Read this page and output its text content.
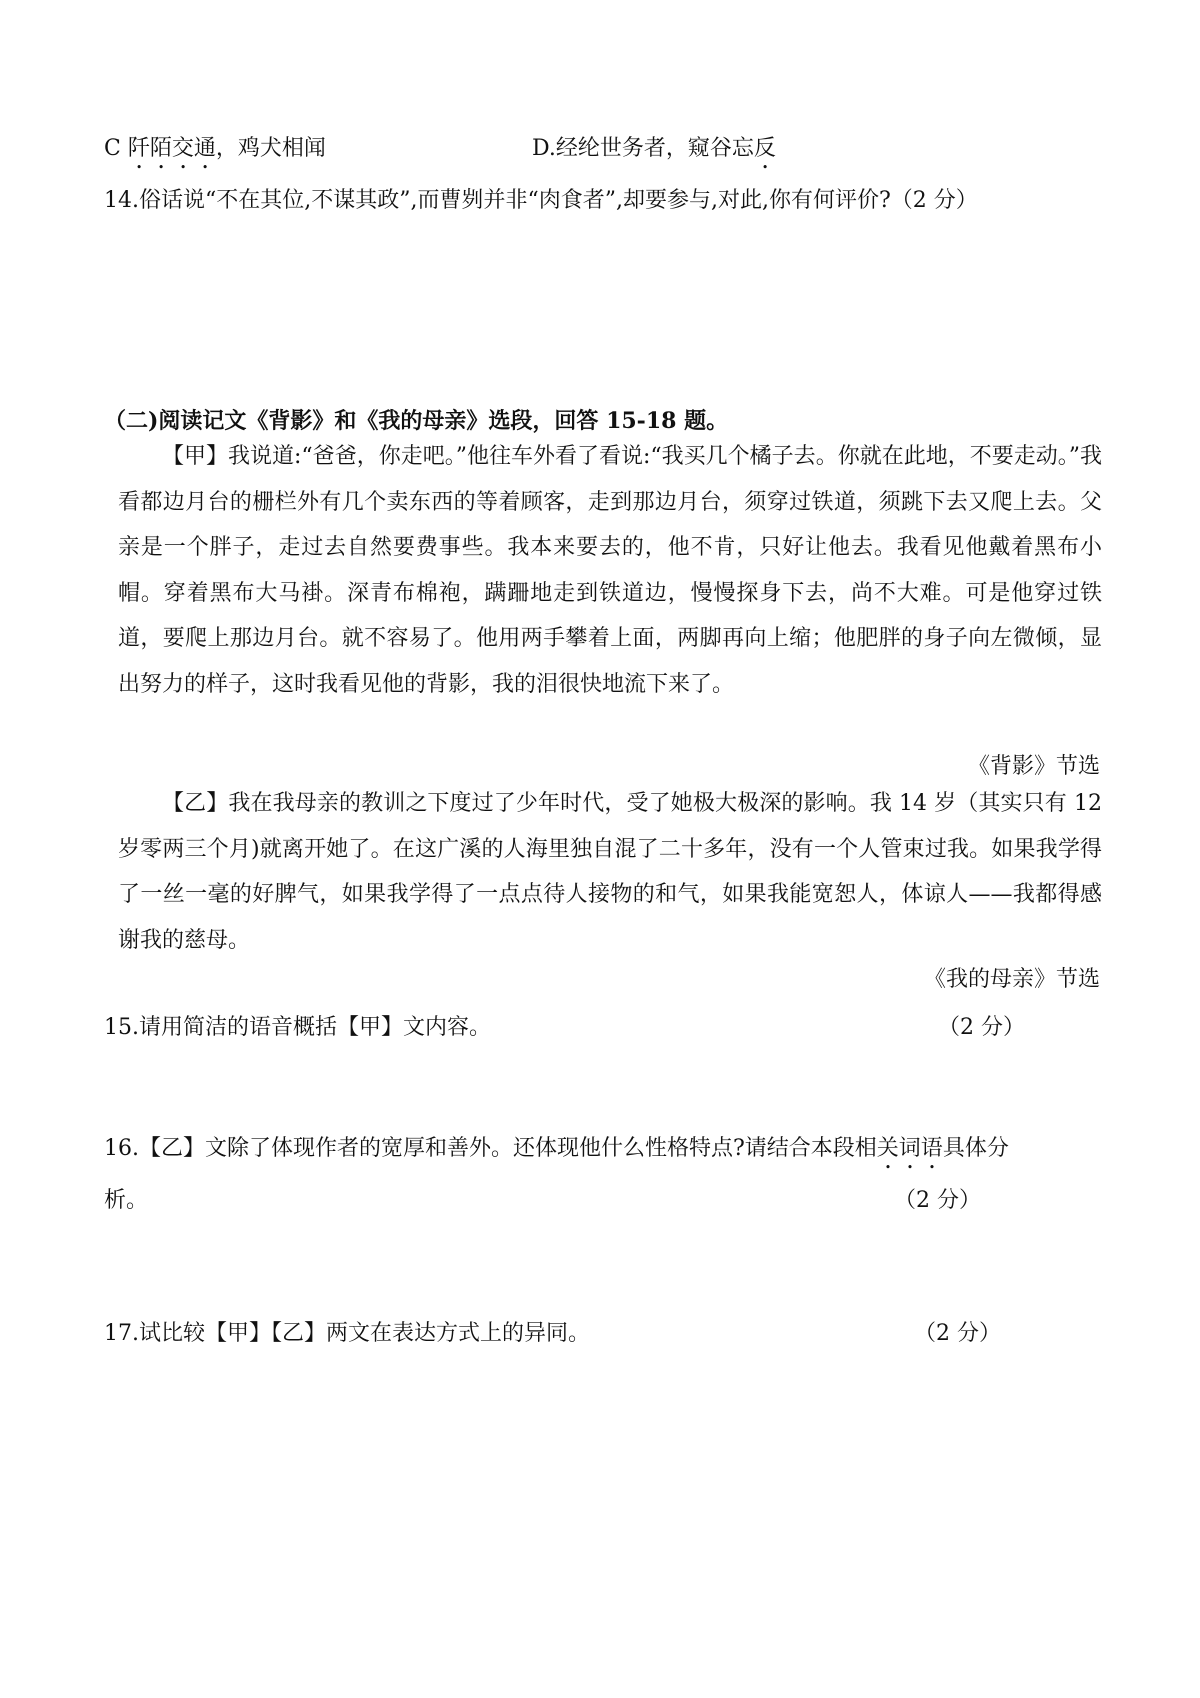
C 阡陌交通，鸡犬相闻	D.经纶世务者，窥谷忘反
14.俗话说“不在其位,不谋其政”,而曹刿并非“肉食者”,却要参与,对此,你有何评价?（2 分）
（二)阅读记文《背影》和《我的母亲》选段，回答 15-18 题。
【甲】我说道:“爸爸，你走吧。”他往车外看了看说:“我买几个橘子去。你就在此地，不要走动。”我看都边月台的栅栏外有几个卖东西的等着顾客，走到那边月台，须穿过铁道，须跳下去又爬上去。父亲是一个胖子，走过去自然要费事些。我本来要去的，他不肯，只好让他去。我看见他戴着黑布小帽。穿着黑布大马褂。深青布棉袍，蹒跚地走到铁道边，慢慢探身下去，尚不大难。可是他穿过铁道，要爬上那边月台。就不容易了。他用两手攀着上面，两脚再向上缩；他肥胖的身子向左微倾，显出努力的样子，这时我看见他的背影，我的泪很快地流下来了。
《背影》节选
【乙】我在我母亲的教训之下度过了少年时代，受了她极大极深的影响。我 14 岁（其实只有 12 岁零两三个月)就离开她了。在这广溪的人海里独自混了二十多年，没有一个人管束过我。如果我学得了一丝一毫的好脾气，如果我学得了一点点待人接物的和气，如果我能宽恕人，体谅人——我都得感谢我的慈母。
《我的母亲》节选
15.请用简洁的语音概括【甲】文内容。	（2 分）
16.【乙】文除了体现作者的宽厚和善外。还体现他什么性格特点?请结合本段相关词语具体分
析。	（2 分）
17.试比较【甲】【乙】两文在表达方式上的异同。	（2 分）
